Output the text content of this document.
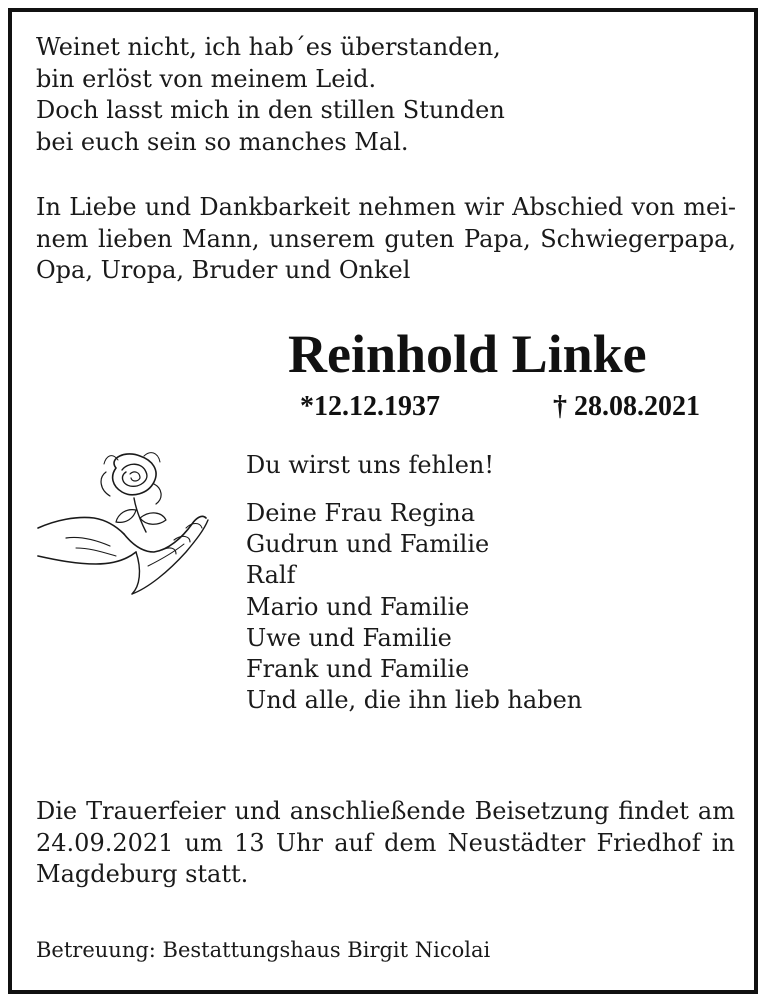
Weinet nicht, ich hab´es überstanden,
bin erlöst von meinem Leid.
Doch lasst mich in den stillen Stunden
bei euch sein so manches Mal.
In Liebe und Dankbarkeit nehmen wir Abschied von mei-
nem lieben Mann, unserem guten Papa, Schwiegerpapa,
Opa, Uropa, Bruder und Onkel
Reinhold Linke
*12.12.1937	† 28.08.2021
Du wirst uns fehlen!
Deine Frau Regina
Gudrun und Familie
Ralf
Mario und Familie
Uwe und Familie
Frank und Familie
Und alle, die ihn lieb haben
Die Trauerfeier und anschließende Beisetzung findet am
24.09.2021 um 13 Uhr auf dem Neustädter Friedhof in
Magdeburg statt.
Betreuung: Bestattungshaus Birgit Nicolai
